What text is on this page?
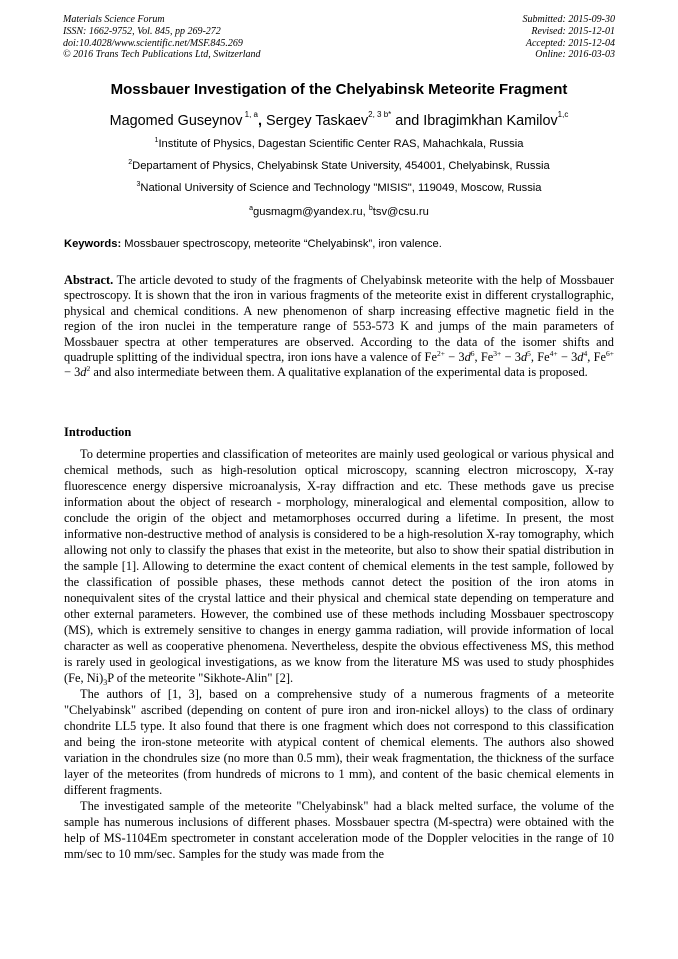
Materials Science Forum
ISSN: 1662-9752, Vol. 845, pp 269-272
doi:10.4028/www.scientific.net/MSF.845.269
© 2016 Trans Tech Publications Ltd, Switzerland
Submitted: 2015-09-30
Revised: 2015-12-01
Accepted: 2015-12-04
Online: 2016-03-03
Mossbauer Investigation of the Chelyabinsk Meteorite Fragment
Magomed Guseynov $^{1, a}$, Sergey Taskaev$^{2, 3 b*}$ and Ibragimkhan Kamilov$^{1,c}$
$^1$Institute of Physics, Dagestan Scientific Center RAS, Mahachkala, Russia
$^2$Departament of Physics, Chelyabinsk State University, 454001, Chelyabinsk, Russia
$^3$National University of Science and Technology "MISIS", 119049, Moscow, Russia
$^a$gusmagm@yandex.ru, $^b$tsv@csu.ru
Keywords: Mossbauer spectroscopy, meteorite “Chelyabinsk”, iron valence.
Abstract. The article devoted to study of the fragments of Chelyabinsk meteorite with the help of Mossbauer spectroscopy. It is shown that the iron in various fragments of the meteorite exist in different crystallographic, physical and chemical conditions. A new phenomenon of sharp increasing effective magnetic field in the region of the iron nuclei in the temperature range of 553-573 K and jumps of the main parameters of Mossbauer spectra at other temperatures are observed. According to the data of the isomer shifts and quadruple splitting of the individual spectra, iron ions have a valence of $Fe^{2+} - 3d^6$, $Fe^{3+} - 3d^5$, $Fe^{4+} - 3d^4$, $Fe^{6+} - 3d^2$ and also intermediate between them. A qualitative explanation of the experimental data is proposed.
Introduction

To determine properties and classification of meteorites are mainly used geological or various physical and chemical methods, such as high-resolution optical microscopy, scanning electron microscopy, X-ray fluorescence energy dispersive microanalysis, X-ray diffraction and etc. These methods gave us precise information about the object of research - morphology, mineralogical and elemental composition, allow to conclude the origin of the object and metamorphoses occurred during a lifetime. In present, the most informative non-destructive method of analysis is considered to be a high-resolution X-ray tomography, which allowing not only to classify the phases that exist in the meteorite, but also to show their spatial distribution in the sample [1]. Allowing to determine the exact content of chemical elements in the test sample, followed by the classification of possible phases, these methods cannot detect the position of the iron atoms in nonequivalent sites of the crystal lattice and their physical and chemical state depending on temperature and other external parameters. However, the combined use of these methods including Mossbauer spectroscopy (MS), which is extremely sensitive to changes in energy gamma radiation, will provide information of local character as well as cooperative phenomena. Nevertheless, despite the obvious effectiveness MS, this method is rarely used in geological investigations, as we know from the literature MS was used to study phosphides (Fe, $Ni)_3P$ of the meteorite "Sikhote-Alin" [2].

The authors of [1, 3], based on a comprehensive study of a numerous fragments of a meteorite "Chelyabinsk" ascribed (depending on content of pure iron and iron-nickel alloys) to the class of ordinary chondrite LL5 type. It also found that there is one fragment which does not correspond to this classification and being the iron-stone meteorite with atypical content of chemical elements. The authors also showed variation in the chondrules size (no more than 0.5 mm), their weak fragmentation, the thickness of the surface layer of the meteorites (from hundreds of microns to 1 mm), and content of the basic chemical elements in different fragments.

The investigated sample of the meteorite "Chelyabinsk" had a black melted surface, the volume of the sample has numerous inclusions of different phases. Mossbauer spectra (M-spectra) were obtained with the help of MS-1104Em spectrometer in constant acceleration mode of the Doppler velocities in the range of 10 mm/sec to 10 mm/sec. Samples for the study was made from the
